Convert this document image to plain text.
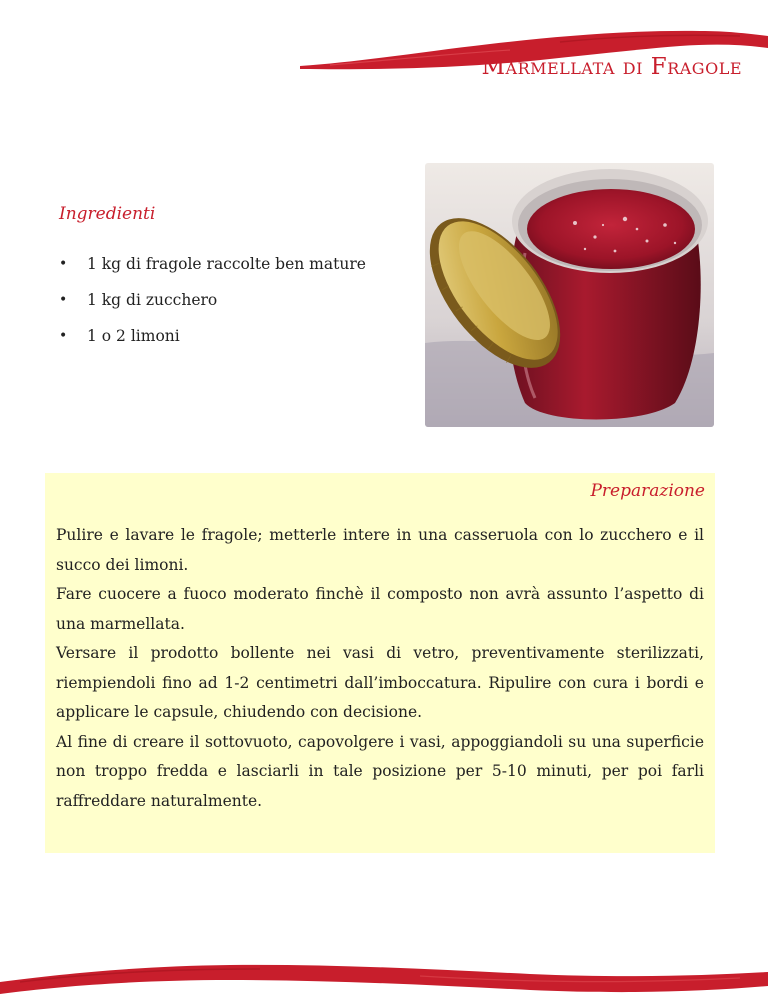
Marmellata di Fragole
Ingredienti
• 1 kg di fragole raccolte ben mature
• 1 kg di zucchero
• 1 o 2 limoni
Preparazione

Pulire e lavare le fragole; metterle intere in una casseruola con lo zucchero e il succo dei limoni.
Fare cuocere a fuoco moderato finchè il composto non avrà assunto l’aspetto di una marmellata.
Versare il prodotto bollente nei vasi di vetro, preventivamente sterilizzati, riempiendoli fino ad 1-2 centimetri dall’imboccatura. Ripulire con cura i bordi e applicare le capsule, chiudendo con decisione.
Al fine di creare il sottovuoto, capovolgere i vasi, appoggiandoli su una superficie non troppo fredda e lasciarli in tale posizione per 5-10 minuti, per poi farli raffreddare naturalmente.
